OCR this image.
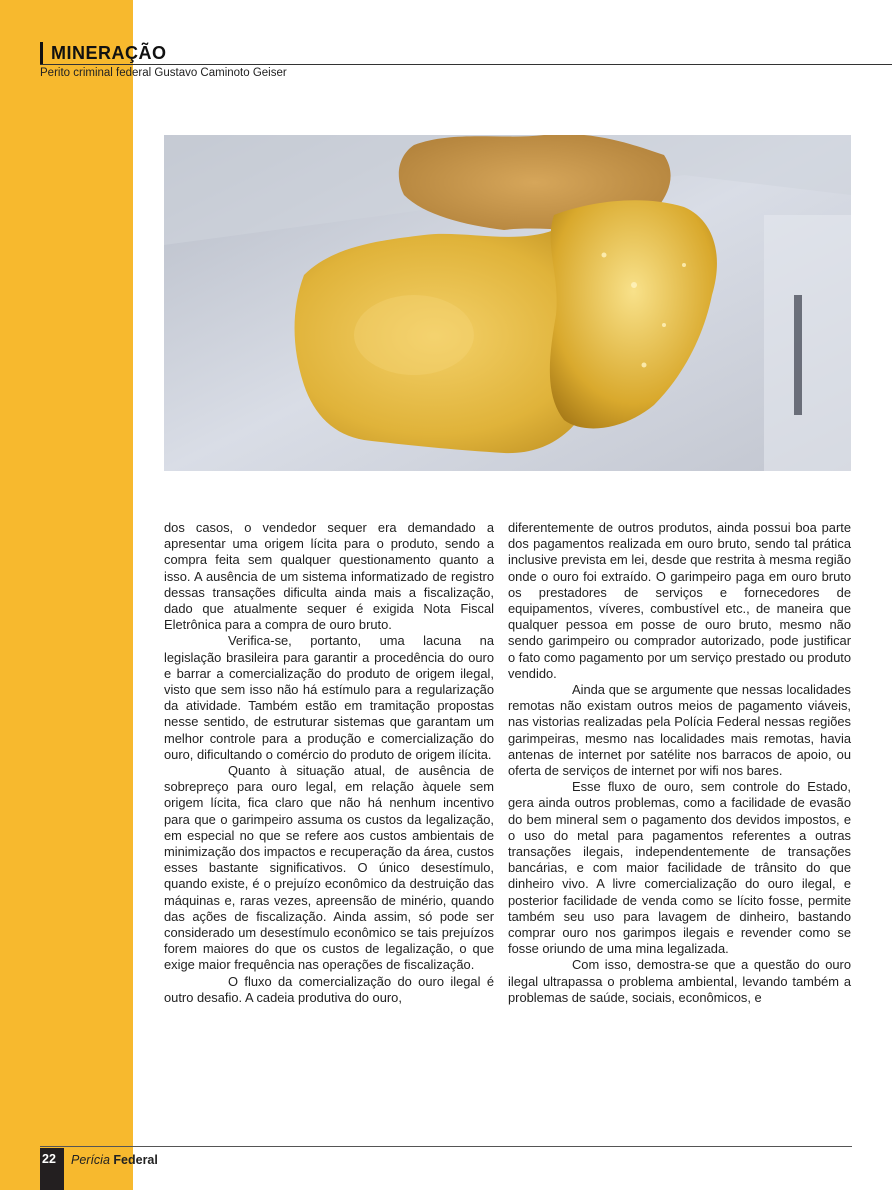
MINERAÇÃO
Perito criminal federal Gustavo Caminoto Geiser

dos casos, o vendedor sequer era demandado a apresentar uma origem lícita para o produto, sendo a compra feita sem qualquer questionamento quanto a isso. A ausência de um sistema informatizado de registro dessas transações dificulta ainda mais a fiscalização, dado que atualmente sequer é exigida Nota Fiscal Eletrônica para a compra de ouro bruto.

Verifica-se, portanto, uma lacuna na legislação brasileira para garantir a procedência do ouro e barrar a comercialização do produto de origem ilegal, visto que sem isso não há estímulo para a regularização da atividade. Também estão em tramitação propostas nesse sentido, de estruturar sistemas que garantam um melhor controle para a produção e comercialização do ouro, dificultando o comércio do produto de origem ilícita.

Quanto à situação atual, de ausência de sobrepreço para ouro legal, em relação àquele sem origem lícita, fica claro que não há nenhum incentivo para que o garimpeiro assuma os custos da legalização, em especial no que se refere aos custos ambientais de minimização dos impactos e recuperação da área, custos esses bastante significativos. O único desestímulo, quando existe, é o prejuízo econômico da destruição das máquinas e, raras vezes, apreensão de minério, quando das ações de fiscalização. Ainda assim, só pode ser considerado um desestímulo econômico se tais prejuízos forem maiores do que os custos de legalização, o que exige maior frequência nas operações de fiscalização.

O fluxo da comercialização do ouro ilegal é outro desafio. A cadeia produtiva do ouro,

diferentemente de outros produtos, ainda possui boa parte dos pagamentos realizada em ouro bruto, sendo tal prática inclusive prevista em lei, desde que restrita à mesma região onde o ouro foi extraído. O garimpeiro paga em ouro bruto os prestadores de serviços e fornecedores de equipamentos, víveres, combustível etc., de maneira que qualquer pessoa em posse de ouro bruto, mesmo não sendo garimpeiro ou comprador autorizado, pode justificar o fato como pagamento por um serviço prestado ou produto vendido.

Ainda que se argumente que nessas localidades remotas não existam outros meios de pagamento viáveis, nas vistorias realizadas pela Polícia Federal nessas regiões garimpeiras, mesmo nas localidades mais remotas, havia antenas de internet por satélite nos barracos de apoio, ou oferta de serviços de internet por wifi nos bares.

Esse fluxo de ouro, sem controle do Estado, gera ainda outros problemas, como a facilidade de evasão do bem mineral sem o pagamento dos devidos impostos, e o uso do metal para pagamentos referentes a outras transações ilegais, independentemente de transações bancárias, e com maior facilidade de trânsito do que dinheiro vivo. A livre comercialização do ouro ilegal, e posterior facilidade de venda como se lícito fosse, permite também seu uso para lavagem de dinheiro, bastando comprar ouro nos garimpos ilegais e revender como se fosse oriundo de uma mina legalizada.

Com isso, demostra-se que a questão do ouro ilegal ultrapassa o problema ambiental, levando também a problemas de saúde, sociais, econômicos, e

22 Perícia Federal
